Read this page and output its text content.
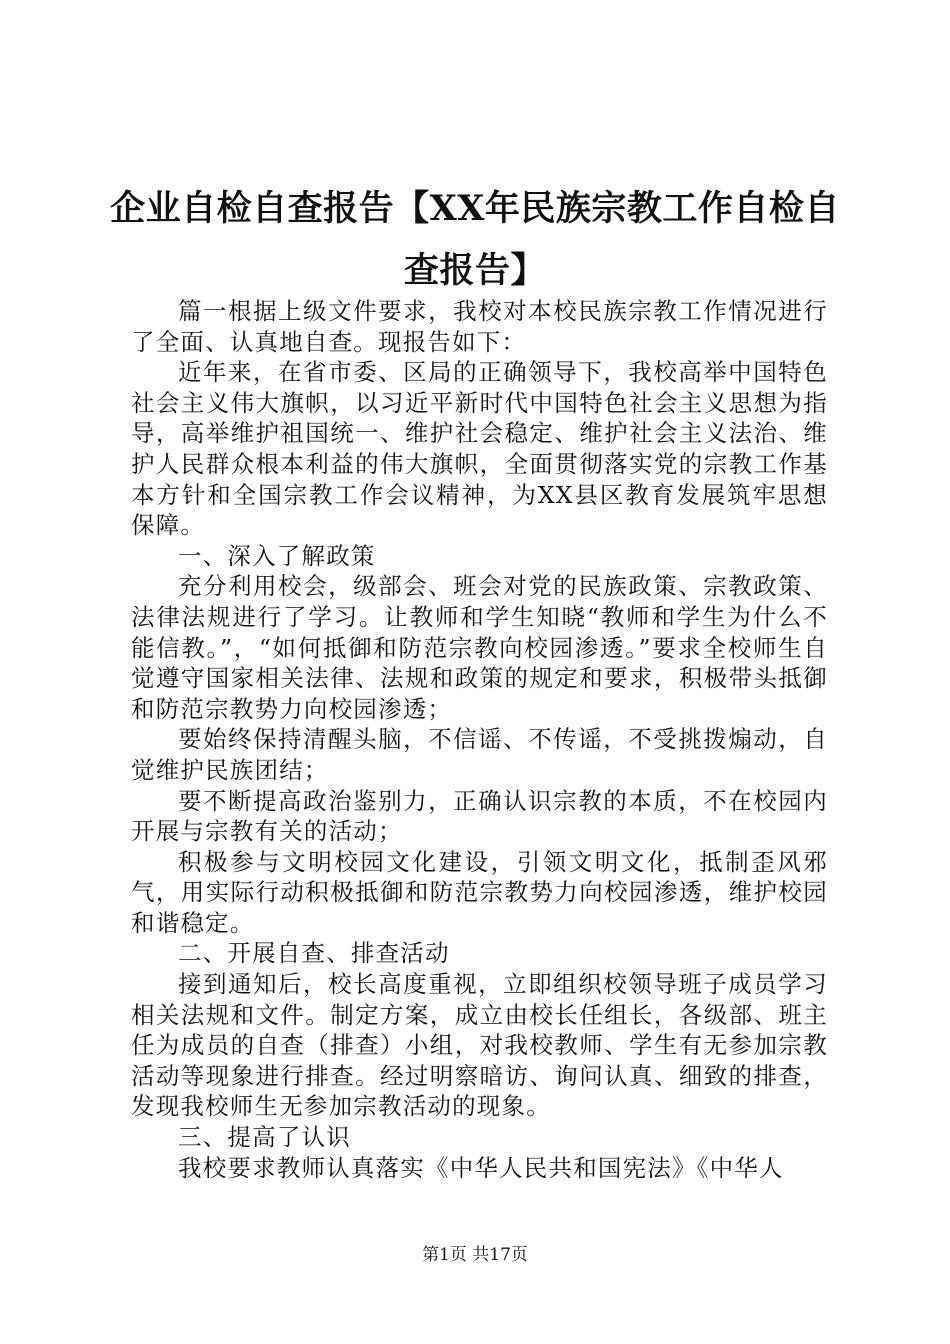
企业自检自查报告【XX年民族宗教工作自检自查报告】

篇一根据上级文件要求，我校对本校民族宗教工作情况进行了全面、认真地自查。现报告如下：

近年来，在省市委、区局的正确领导下，我校高举中国特色社会主义伟大旗帜，以习近平新时代中国特色社会主义思想为指导，高举维护祖国统一、维护社会稳定、维护社会主义法治、维护人民群众根本利益的伟大旗帜，全面贯彻落实党的宗教工作基本方针和全国宗教工作会议精神，为XX县区教育发展筑牢思想保障。

一、深入了解政策

充分利用校会，级部会、班会对党的民族政策、宗教政策、法律法规进行了学习。让教师和学生知晓“教师和学生为什么不能信教。”，“如何抵御和防范宗教向校园渗透。”要求全校师生自觉遵守国家相关法律、法规和政策的规定和要求，积极带头抵御和防范宗教势力向校园渗透；

要始终保持清醒头脑，不信谣、不传谣，不受挑拨煽动，自觉维护民族团结；

要不断提高政治鉴别力，正确认识宗教的本质，不在校园内开展与宗教有关的活动；

积极参与文明校园文化建设，引领文明文化，抵制歪风邪气，用实际行动积极抵御和防范宗教势力向校园渗透，维护校园和谐稳定。

二、开展自查、排查活动

接到通知后，校长高度重视，立即组织校领导班子成员学习相关法规和文件。制定方案，成立由校长任组长，各级部、班主任为成员的自查（排查）小组，对我校教师、学生有无参加宗教活动等现象进行排查。经过明察暗访、询问认真、细致的排查，发现我校师生无参加宗教活动的现象。

三、提高了认识

我校要求教师认真落实《中华人民共和国宪法》《中华人

第1页 共17页
